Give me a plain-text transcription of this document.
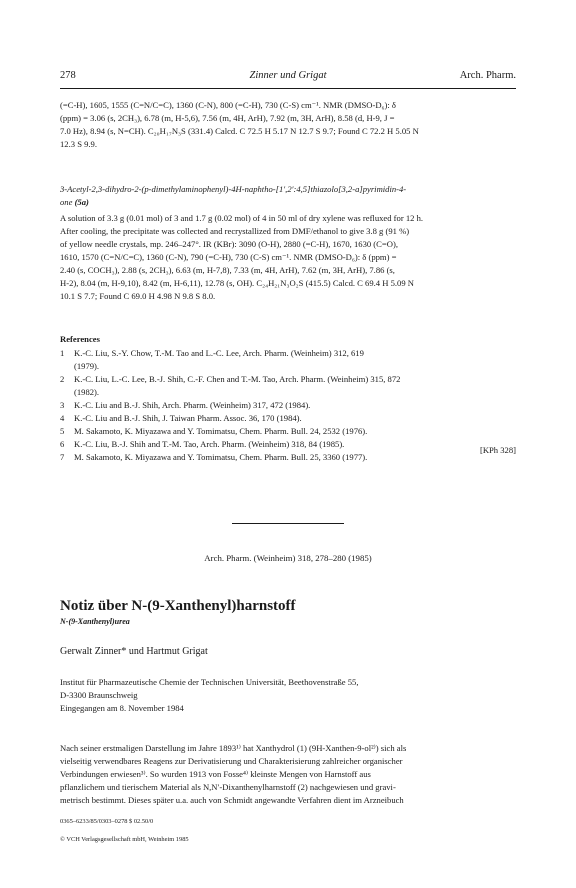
278	Zinner und Grigat	Arch. Pharm.

(=C-H), 1605, 1555 (C=N/C=C), 1360 (C-N), 800 (=C-H), 730 (C-S) cm⁻¹. NMR (DMSO-D₆): δ
(ppm) = 3.06 (s, 2CH₃), 6.78 (m, H-5,6), 7.56 (m, 4H, ArH), 7.92 (m, 3H, ArH), 8.58 (d, H-9, J =
7.0 Hz), 8.94 (s, N=CH). C₂₀H₁₇N₃S (331.4) Calcd. C 72.5 H 5.17 N 12.7 S 9.7; Found C 72.2 H 5.05 N
12.3 S 9.9.

3-Acetyl-2,3-dihydro-2-(p-dimethylaminophenyl)-4H-naphtho-[1′,2′:4,5]thiazolo[3,2-a]pyrimidin-4-
one (5a)

A solution of 3.3 g (0.01 mol) of 3 and 1.7 g (0.02 mol) of 4 in 50 ml of dry xylene was refluxed for 12 h.
After cooling, the precipitate was collected and recrystallized from DMF/ethanol to give 3.8 g (91 %)
of yellow needle crystals, mp. 246–247°. IR (KBr): 3090 (O-H), 2880 (=C-H), 1670, 1630 (C=O),
1610, 1570 (C=N/C=C), 1360 (C-N), 790 (=C-H), 730 (C-S) cm⁻¹. NMR (DMSO-D₆): δ (ppm) =
2.40 (s, COCH₃), 2.88 (s, 2CH₃), 6.63 (m, H-7,8), 7.33 (m, 4H, ArH), 7.62 (m, 3H, ArH), 7.86 (s,
H-2), 8.04 (m, H-9,10), 8.42 (m, H-6,11), 12.78 (s, OH). C₂₄H₂₁N₃O₂S (415.5) Calcd. C 69.4 H 5.09 N
10.1 S 7.7; Found C 69.0 H 4.98 N 9.8 S 8.0.

References
1 K.-C. Liu, S.-Y. Chow, T.-M. Tao and L.-C. Lee, Arch. Pharm. (Weinheim) 312, 619
(1979).
2 K.-C. Liu, L.-C. Lee, B.-J. Shih, C.-F. Chen and T.-M. Tao, Arch. Pharm. (Weinheim) 315, 872
(1982).
3 K.-C. Liu and B.-J. Shih, Arch. Pharm. (Weinheim) 317, 472 (1984).
4 K.-C. Liu and B.-J. Shih, J. Taiwan Pharm. Assoc. 36, 170 (1984).
5 M. Sakamoto, K. Miyazawa and Y. Tomimatsu, Chem. Pharm. Bull. 24, 2532 (1976).
6 K.-C. Liu, B.-J. Shih and T.-M. Tao, Arch. Pharm. (Weinheim) 318, 84 (1985).
7 M. Sakamoto, K. Miyazawa and Y. Tomimatsu, Chem. Pharm. Bull. 25, 3360 (1977).
[KPh 328]
Arch. Pharm. (Weinheim) 318, 278–280 (1985)
Notiz über N-(9-Xanthenyl)harnstoff
N-(9-Xanthenyl)urea
Gerwalt Zinner* und Hartmut Grigat

Institut für Pharmazeutische Chemie der Technischen Universität, Beethovenstraße 55,
D-3300 Braunschweig
Eingegangen am 8. November 1984

Nach seiner erstmaligen Darstellung im Jahre 1893¹⁾ hat Xanthydrol (1) (9H-Xanthen-9-ol²⁾) sich als
vielseitig verwendbares Reagens zur Derivatisierung und Charakterisierung zahlreicher organischer
Verbindungen erwiesen³⁾. So wurden 1913 von Fosse⁴⁾ kleinste Mengen von Harnstoff aus
pflanzlichem und tierischem Material als N,N′-Dixanthenylharnstoff (2) nachgewiesen und gravi-
metrisch bestimmt. Dieses später u.a. auch von Schmidt angewandte Verfahren dient im Arzneibuch

0365–6233/85/0303–0278 $ 02.50/0
© VCH Verlagsgesellschaft mbH, Weinheim 1985
